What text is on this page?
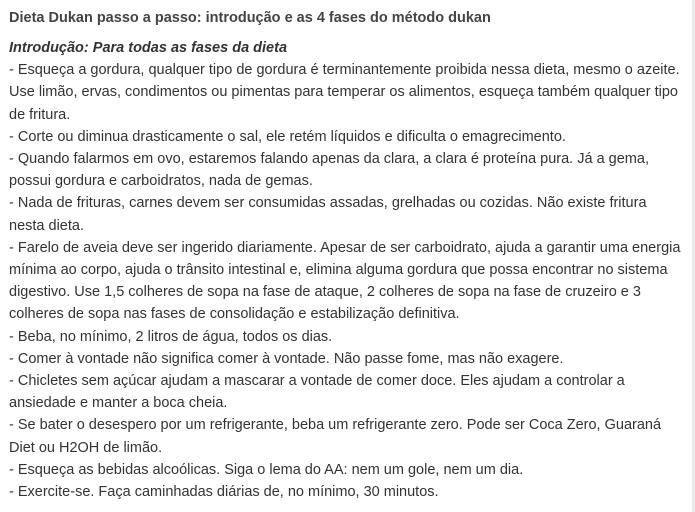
Dieta Dukan passo a passo: introdução e as 4 fases do método dukan

Introdução: Para todas as fases da dieta

- Esqueça a gordura, qualquer tipo de gordura é terminantemente proibida nessa dieta, mesmo o azeite. Use limão, ervas, condimentos ou pimentas para temperar os alimentos, esqueça também qualquer tipo de fritura.
- Corte ou diminua drasticamente o sal, ele retém líquidos e dificulta o emagrecimento.
- Quando falarmos em ovo, estaremos falando apenas da clara, a clara é proteína pura. Já a gema, possui gordura e carboidratos, nada de gemas.
- Nada de frituras, carnes devem ser consumidas assadas, grelhadas ou cozidas. Não existe fritura nesta dieta.
- Farelo de aveia deve ser ingerido diariamente. Apesar de ser carboidrato, ajuda a garantir uma energia mínima ao corpo, ajuda o trânsito intestinal e, elimina alguma gordura que possa encontrar no sistema digestivo. Use 1,5 colheres de sopa na fase de ataque, 2 colheres de sopa na fase de cruzeiro e 3 colheres de sopa nas fases de consolidação e estabilização definitiva.
- Beba, no mínimo, 2 litros de água, todos os dias.
- Comer à vontade não significa comer à vontade. Não passe fome, mas não exagere.
- Chicletes sem açúcar ajudam a mascarar a vontade de comer doce. Eles ajudam a controlar a ansiedade e manter a boca cheia.
- Se bater o desespero por um refrigerante, beba um refrigerante zero. Pode ser Coca Zero, Guaraná Diet ou H2OH de limão.
- Esqueça as bebidas alcoólicas. Siga o lema do AA: nem um gole, nem um dia.
- Exercite-se. Faça caminhadas diárias de, no mínimo, 30 minutos.
